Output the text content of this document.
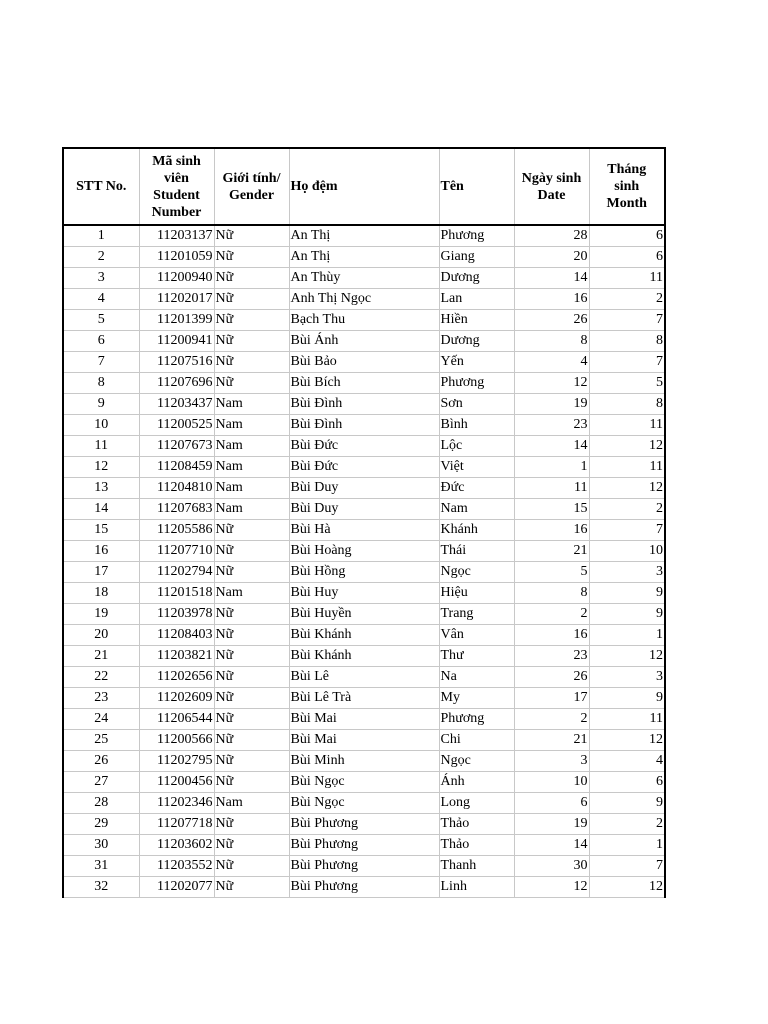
STT No.	Mã sinh
viên
Student
Number	Giới tính/
Gender	Họ đệm	Tên	Ngày sinh
Date	Tháng
sinh
Month
1	11203137	Nữ	An Thị	Phương	28	6
2	11201059	Nữ	An Thị	Giang	20	6
3	11200940	Nữ	An Thùy	Dương	14	11
4	11202017	Nữ	Anh Thị Ngọc	Lan	16	2
5	11201399	Nữ	Bạch Thu	Hiền	26	7
6	11200941	Nữ	Bùi Ánh	Dương	8	8
7	11207516	Nữ	Bùi Bảo	Yến	4	7
8	11207696	Nữ	Bùi Bích	Phương	12	5
9	11203437	Nam	Bùi Đình	Sơn	19	8
10	11200525	Nam	Bùi Đình	Bình	23	11
11	11207673	Nam	Bùi Đức	Lộc	14	12
12	11208459	Nam	Bùi Đức	Việt	1	11
13	11204810	Nam	Bùi Duy	Đức	11	12
14	11207683	Nam	Bùi Duy	Nam	15	2
15	11205586	Nữ	Bùi Hà	Khánh	16	7
16	11207710	Nữ	Bùi Hoàng	Thái	21	10
17	11202794	Nữ	Bùi Hồng	Ngọc	5	3
18	11201518	Nam	Bùi Huy	Hiệu	8	9
19	11203978	Nữ	Bùi Huyền	Trang	2	9
20	11208403	Nữ	Bùi Khánh	Vân	16	1
21	11203821	Nữ	Bùi Khánh	Thư	23	12
22	11202656	Nữ	Bùi Lê	Na	26	3
23	11202609	Nữ	Bùi Lê Trà	My	17	9
24	11206544	Nữ	Bùi Mai	Phương	2	11
25	11200566	Nữ	Bùi Mai	Chi	21	12
26	11202795	Nữ	Bùi Minh	Ngọc	3	4
27	11200456	Nữ	Bùi Ngọc	Ánh	10	6
28	11202346	Nam	Bùi Ngọc	Long	6	9
29	11207718	Nữ	Bùi Phương	Thảo	19	2
30	11203602	Nữ	Bùi Phương	Thảo	14	1
31	11203552	Nữ	Bùi Phương	Thanh	30	7
32	11202077	Nữ	Bùi Phương	Linh	12	12
